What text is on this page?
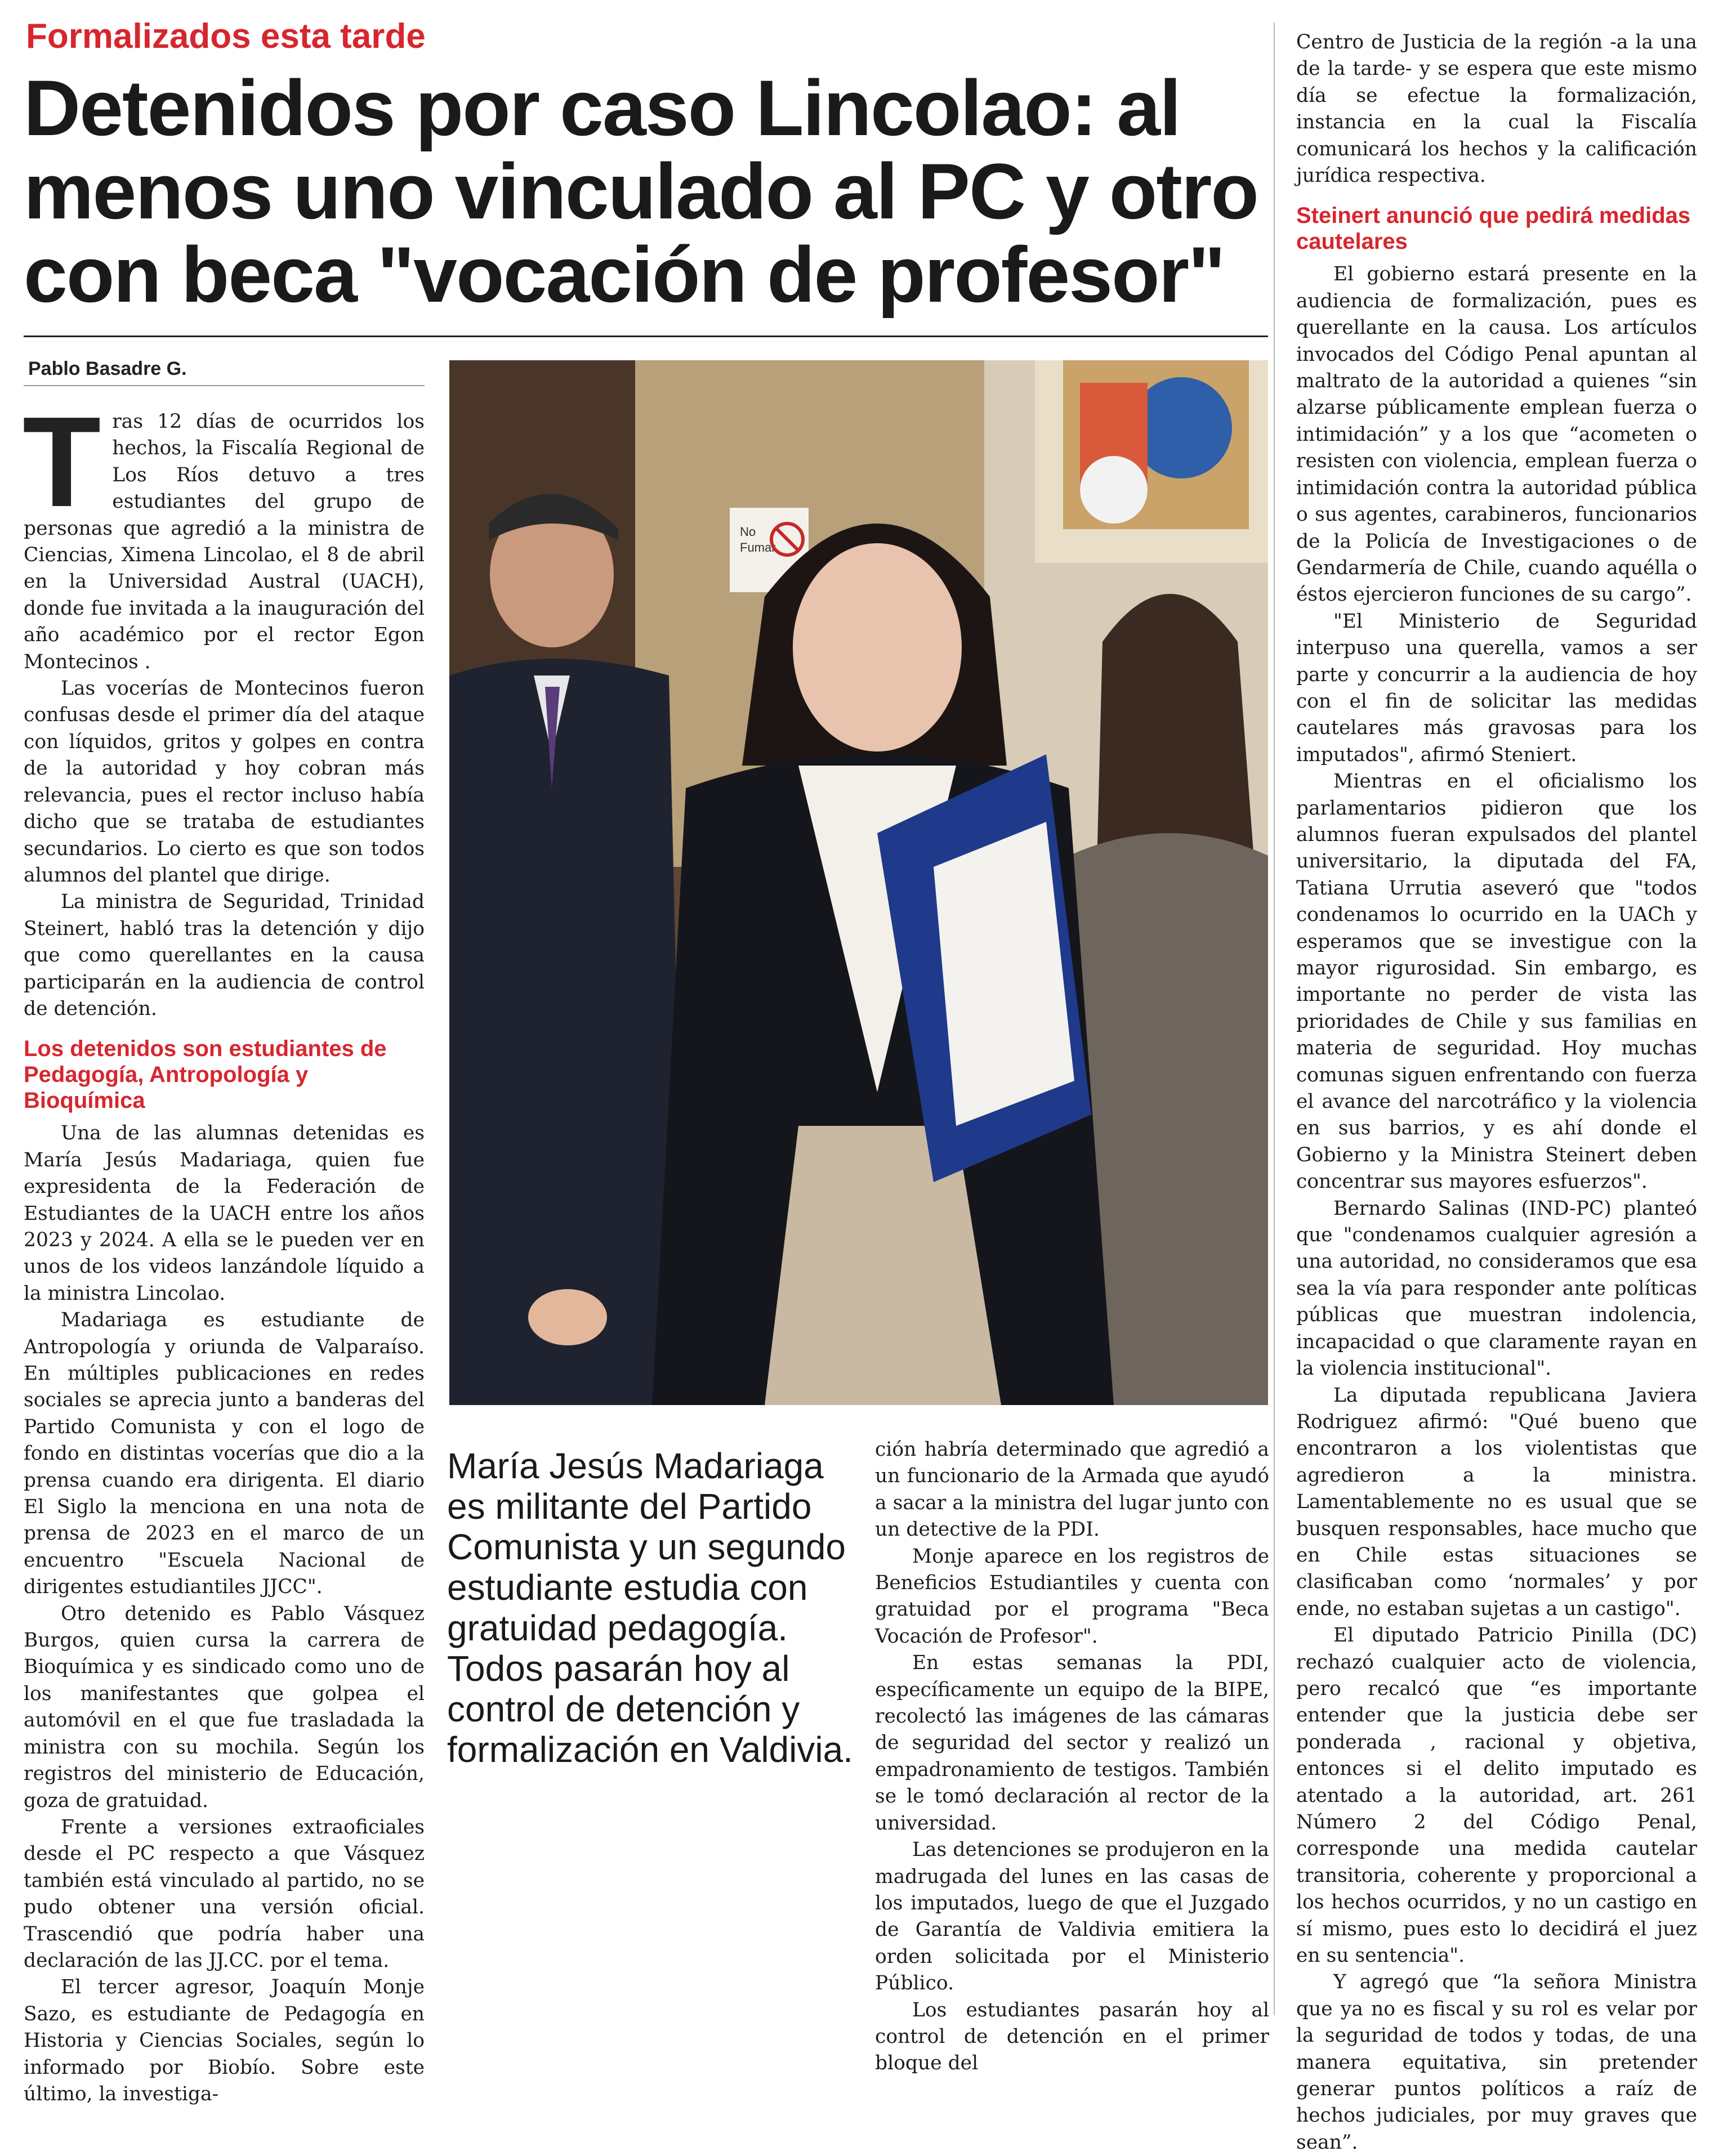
Formalizados esta tarde
Detenidos por caso Lincolao: al
menos uno vinculado al PC y otro
con beca "vocación de profesor"
Pablo Basadre G.
T ras 12 días de ocurridos los hechos, la Fiscalía Regional de Los Ríos detuvo a tres estudiantes del grupo de personas que agredió a la ministra de Ciencias, Ximena Lincolao, el 8 de abril en la Universidad Austral (UACH), donde fue invitada a la inauguración del año académico por el rector Egon Montecinos .

Las vocerías de Montecinos fueron confusas desde el primer día del ataque con líquidos, gritos y golpes en contra de la autoridad y hoy cobran más relevancia, pues el rector incluso había dicho que se trataba de estudiantes secundarios. Lo cierto es que son todos alumnos del plantel que dirige.

La ministra de Seguridad, Trinidad Steinert, habló tras la detención y dijo que como querellantes en la causa participarán en la audiencia de control de detención.

Los detenidos son estudiantes de Pedagogía, Antropología y Bioquímica

Una de las alumnas detenidas es María Jesús Madariaga, quien fue expresidenta de la Federación de Estudiantes de la UACH entre los años 2023 y 2024. A ella se le pueden ver en unos de los videos lanzándole líquido a la ministra Lincolao.

Madariaga es estudiante de Antropología y oriunda de Valparaíso. En múltiples publicaciones en redes sociales se aprecia junto a banderas del Partido Comunista y con el logo de fondo en distintas vocerías que dio a la prensa cuando era dirigenta. El diario El Siglo la menciona en una nota de prensa de 2023 en el marco de un encuentro "Escuela Nacional de dirigentes estudiantiles JJCC".

Otro detenido es Pablo Vásquez Burgos, quien cursa la carrera de Bioquímica y es sindicado como uno de los manifestantes que golpea el automóvil en el que fue trasladada la ministra con su mochila. Según los registros del ministerio de Educación, goza de gratuidad.

Frente a versiones extraoficiales desde el PC respecto a que Vásquez también está vinculado al partido, no se pudo obtener una versión oficial. Trascendió que podría haber una declaración de las JJ.CC. por el tema.

El tercer agresor, Joaquín Monje Sazo, es estudiante de Pedagogía en Historia y Ciencias Sociales, según lo informado por Biobío. Sobre este último, la investiga-

No
Fumar
María Jesús Madariaga es militante del Partido Comunista y un segundo estudiante estudia con gratuidad pedagogía. Todos pasarán hoy al control de detención y formalización en Valdivia.

ción habría determinado que agredió a un funcionario de la Armada que ayudó a sacar a la ministra del lugar junto con un detective de la PDI.

Monje aparece en los registros de Beneficios Estudiantiles y cuenta con gratuidad por el programa "Beca Vocación de Profesor".

En estas semanas la PDI, específicamente un equipo de la BIPE, recolectó las imágenes de las cámaras de seguridad del sector y realizó un empadronamiento de testigos. También se le tomó declaración al rector de la universidad.

Las detenciones se produjeron en la madrugada del lunes en las casas de los imputados, luego de que el Juzgado de Garantía de Valdivia emitiera la orden solicitada por el Ministerio Público.

Los estudiantes pasarán hoy al control de detención en el primer bloque del

Centro de Justicia de la región -a la una de la tarde- y se espera que este mismo día se efectue la formalización, instancia en la cual la Fiscalía comunicará los hechos y la calificación jurídica respectiva.

Steinert anunció que pedirá medidas cautelares

El gobierno estará presente en la audiencia de formalización, pues es querellante en la causa. Los artículos invocados del Código Penal apuntan al maltrato de la autoridad a quienes “sin alzarse públicamente emplean fuerza o intimidación” y a los que “acometen o resisten con violencia, emplean fuerza o intimidación contra la autoridad pública o sus agentes, carabineros, funcionarios de la Policía de Investigaciones o de Gendarmería de Chile, cuando aquélla o éstos ejercieron funciones de su cargo”.

"El Ministerio de Seguridad interpuso una querella, vamos a ser parte y concurrir a la audiencia de hoy con el fin de solicitar las medidas cautelares más gravosas para los imputados", afirmó Steniert.

Mientras en el oficialismo los parlamentarios pidieron que los alumnos fueran expulsados del plantel universitario, la diputada del FA, Tatiana Urrutia aseveró que "todos condenamos lo ocurrido en la UACh y esperamos que se investigue con la mayor rigurosidad. Sin embargo, es importante no perder de vista las prioridades de Chile y sus familias en materia de seguridad. Hoy muchas comunas siguen enfrentando con fuerza el avance del narcotráfico y la violencia en sus barrios, y es ahí donde el Gobierno y la Ministra Steinert deben concentrar sus mayores esfuerzos".

Bernardo Salinas (IND-PC) planteó que "condenamos cualquier agresión a una autoridad, no consideramos que esa sea la vía para responder ante políticas públicas que muestran indolencia, incapacidad o que claramente rayan en la violencia institucional".

La diputada republicana Javiera Rodriguez afirmó: "Qué bueno que encontraron a los violentistas que agredieron a la ministra. Lamentablemente no es usual que se busquen responsables, hace mucho que en Chile estas situaciones se clasificaban como ‘normales’ y por ende, no estaban sujetas a un castigo".

El diputado Patricio Pinilla (DC) rechazó cualquier acto de violencia, pero recalcó que “es importante entender que la justicia debe ser ponderada , racional y objetiva, entonces si el delito imputado es atentado a la autoridad, art. 261 Número 2 del Código Penal, corresponde una medida cautelar transitoria, coherente y proporcional a los hechos ocurridos, y no un castigo en sí mismo, pues esto lo decidirá el juez en su sentencia".

Y agregó que “la señora Ministra que ya no es fiscal y su rol es velar por la seguridad de todos y todas, de una manera equitativa, sin pretender generar puntos políticos a raíz de hechos judiciales, por muy graves que sean”.
